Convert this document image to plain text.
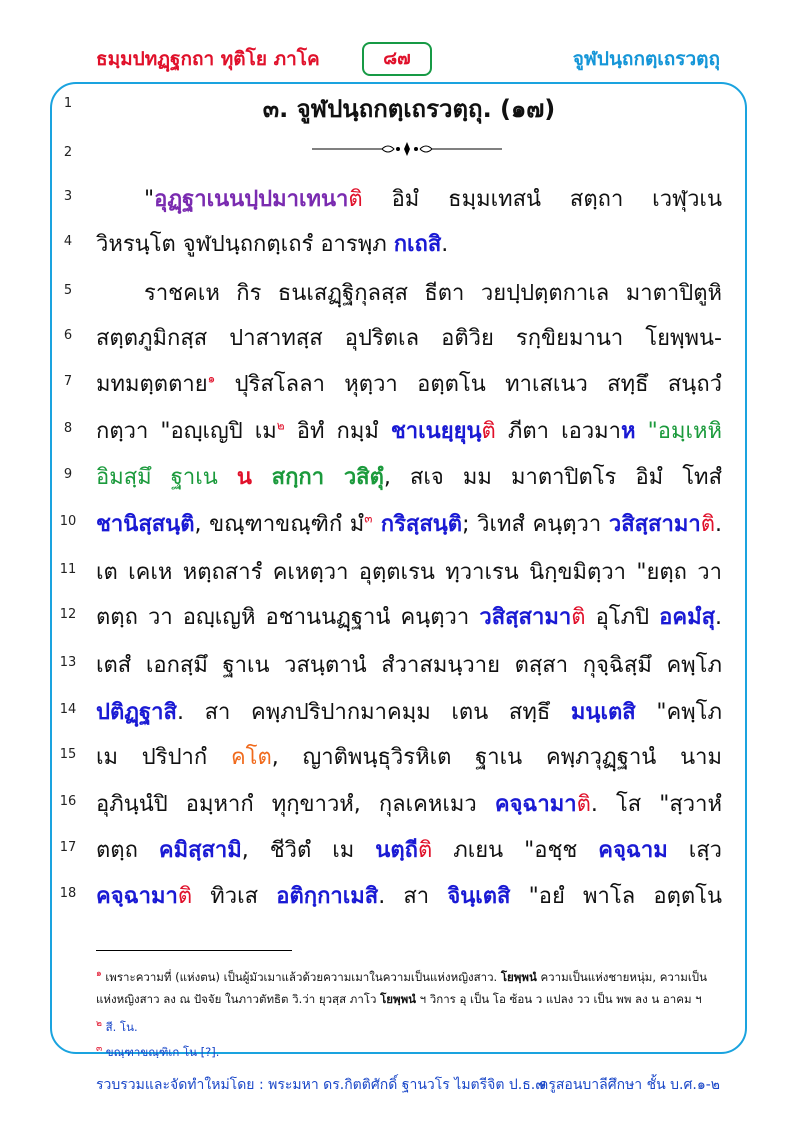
ธมฺมปทฏฺฐกถา ทุติโย ภาโค	๘๗	จูฬปนฺถกตฺเถรวตฺถุ
1
2
3
4
5
6
7
8
9
10
11
12
13
14
15
16
17
18
๓. จูฬปนฺถกตฺเถรวตฺถุ. (๑๗)
"อุฏฺฐาเนนปฺปมาเทนาติ อิมํ ธมฺมเทสนํ สตฺถา เวฬุวเน
วิหรนฺโต จูฬปนฺถกตฺเถรํ อารพฺภ กเถสิ.
ราชคเห กิร ธนเสฏฺฐิกุลสฺส ธีตา วยปฺปตฺตกาเล มาตาปิตูหิ
สตฺตภูมิกสฺส ปาสาทสฺส อุปริตเล อติวิย รกฺขิยมานา โยพฺพน-
มทมตฺตตาย$^๑$ ปุริสโลลา หุตฺวา อตฺตโน ทาเสเนว สทฺธึ สนฺถวํ
กตฺวา "อญฺเญปิ เม$^๒$ อิทํ กมฺมํ ชาเนยฺยุนฺติ ภีตา เอวมาห "อมฺเหหิ
อิมสฺมึ ฐาเน น สกฺกา วสิตุํ, สเจ มม มาตาปิตโร อิมํ โทสํ
ชานิสฺสนฺติ, ขณฺฑาขณฺฑิกํ มํ$^๓$ กริสฺสนฺติ; วิเทสํ คนฺตฺวา วสิสฺสามาติ.
เต เคเห หตฺถสารํ คเหตฺวา อุตฺตเรน ทฺวาเรน นิกฺขมิตฺวา "ยตฺถ วา
ตตฺถ วา อญฺเญหิ อชานนฏฺฐานํ คนฺตฺวา วสิสฺสามาติ อุโภปิ อคมํสุ.
เตสํ เอกสฺมึ ฐาเน วสนฺตานํ สํวาสมนฺวาย ตสฺสา กุจฺฉิสฺมึ คพฺโภ
ปติฏฺฐาสิ. สา คพฺภปริปากมาคมฺม เตน สทฺธึ มนฺเตสิ "คพฺโภ
เม ปริปากํ คโต, ญาติพนฺธุวิรหิเต ฐาเน คพฺภวุฏฺฐานํ นาม
อุภินฺนํปิ อมฺหากํ ทุกฺขาวหํ, กุลเคหเมว คจฺฉามาติ. โส "สฺวาหํ
ตตฺถ คมิสฺสามิ, ชีวิตํ เม นตฺถีติ ภเยน "อชฺช คจฺฉาม เสฺว
คจฺฉามาติ ทิวเส อติกฺกาเมสิ. สา จินฺเตสิ "อยํ พาโล อตฺตโน
$^๑$ เพราะความที่ (แห่งตน) เป็นผู้มัวเมาแล้วด้วยความเมาในความเป็นแห่งหญิงสาว. โยพฺพนํ ความเป็นแห่งชายหนุ่ม, ความเป็น
แห่งหญิงสาว ลง ณ ปัจจัย ในภาวตัทธิต วิ.ว่า ยุวสฺส ภาโว โยพฺพนํ ฯ วิการ อุ เป็น โอ ซ้อน ว แปลง วว เป็น พพ ลง น อาคม ฯ
$^๒$ สี. โน.
$^๓$ ขณฺฑาขณฺฑิเก โน [?].
รวบรวมและจัดทำใหม่โดย : พระมหา ดร.กิตติศักดิ์ ฐานวโร ไมตรีจิต ป.ธ.๗
ครูสอนบาลีศึกษา ชั้น บ.ศ.๑-๒
